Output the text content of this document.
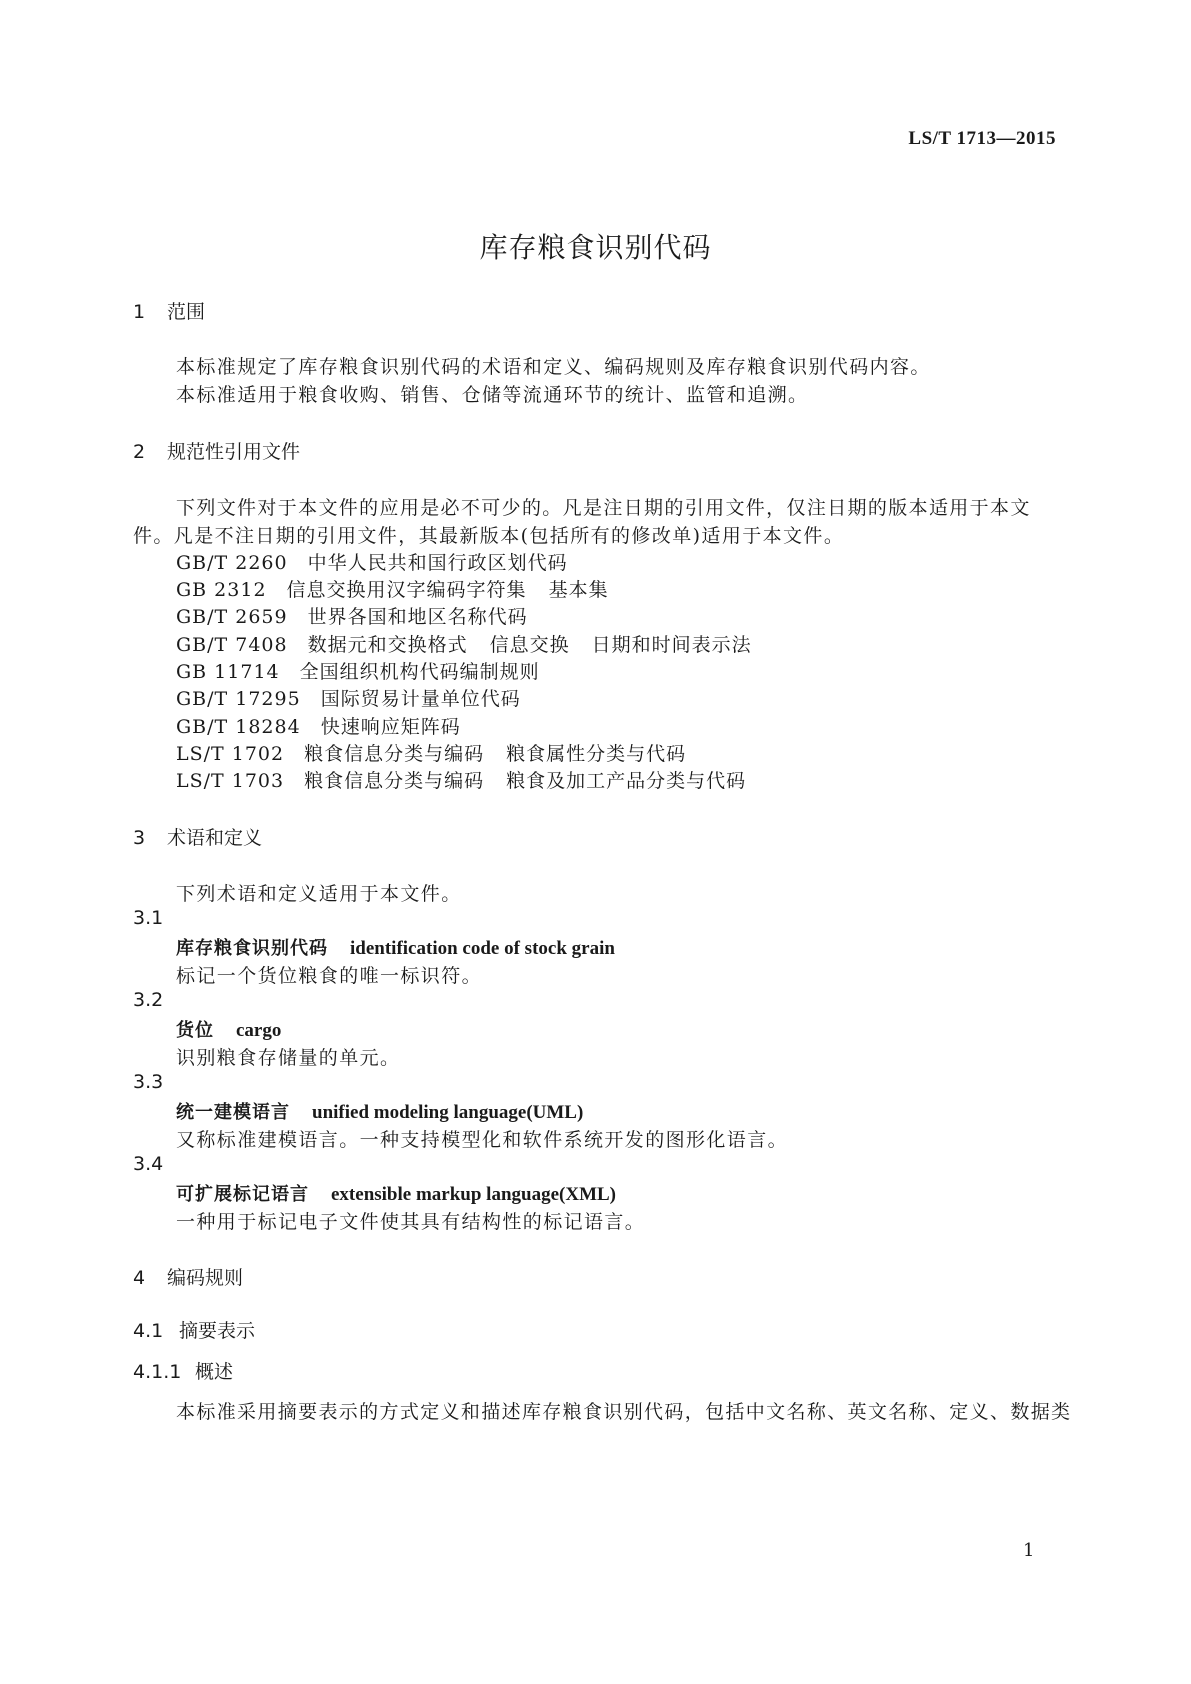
LS/T 1713—2015
库存粮食识别代码
1 范围
本标准规定了库存粮食识别代码的术语和定义、编码规则及库存粮食识别代码内容。
本标准适用于粮食收购、销售、仓储等流通环节的统计、监管和追溯。
2 规范性引用文件
下列文件对于本文件的应用是必不可少的。凡是注日期的引用文件，仅注日期的版本适用于本文
件。凡是不注日期的引用文件，其最新版本(包括所有的修改单)适用于本文件。
GB/T 2260 中华人民共和国行政区划代码
GB 2312 信息交换用汉字编码字符集 基本集
GB/T 2659 世界各国和地区名称代码
GB/T 7408 数据元和交换格式 信息交换 日期和时间表示法
GB 11714 全国组织机构代码编制规则
GB/T 17295 国际贸易计量单位代码
GB/T 18284 快速响应矩阵码
LS/T 1702 粮食信息分类与编码 粮食属性分类与代码
LS/T 1703 粮食信息分类与编码 粮食及加工产品分类与代码
3 术语和定义
下列术语和定义适用于本文件。
3.1
库存粮食识别代码 identification code of stock grain
标记一个货位粮食的唯一标识符。
3.2
货位 cargo
识别粮食存储量的单元。
3.3
统一建模语言 unified modeling language(UML)
又称标准建模语言。一种支持模型化和软件系统开发的图形化语言。
3.4
可扩展标记语言 extensible markup language(XML)
一种用于标记电子文件使其具有结构性的标记语言。
4 编码规则
4.1 摘要表示
4.1.1 概述
本标准采用摘要表示的方式定义和描述库存粮食识别代码，包括中文名称、英文名称、定义、数据类
1
